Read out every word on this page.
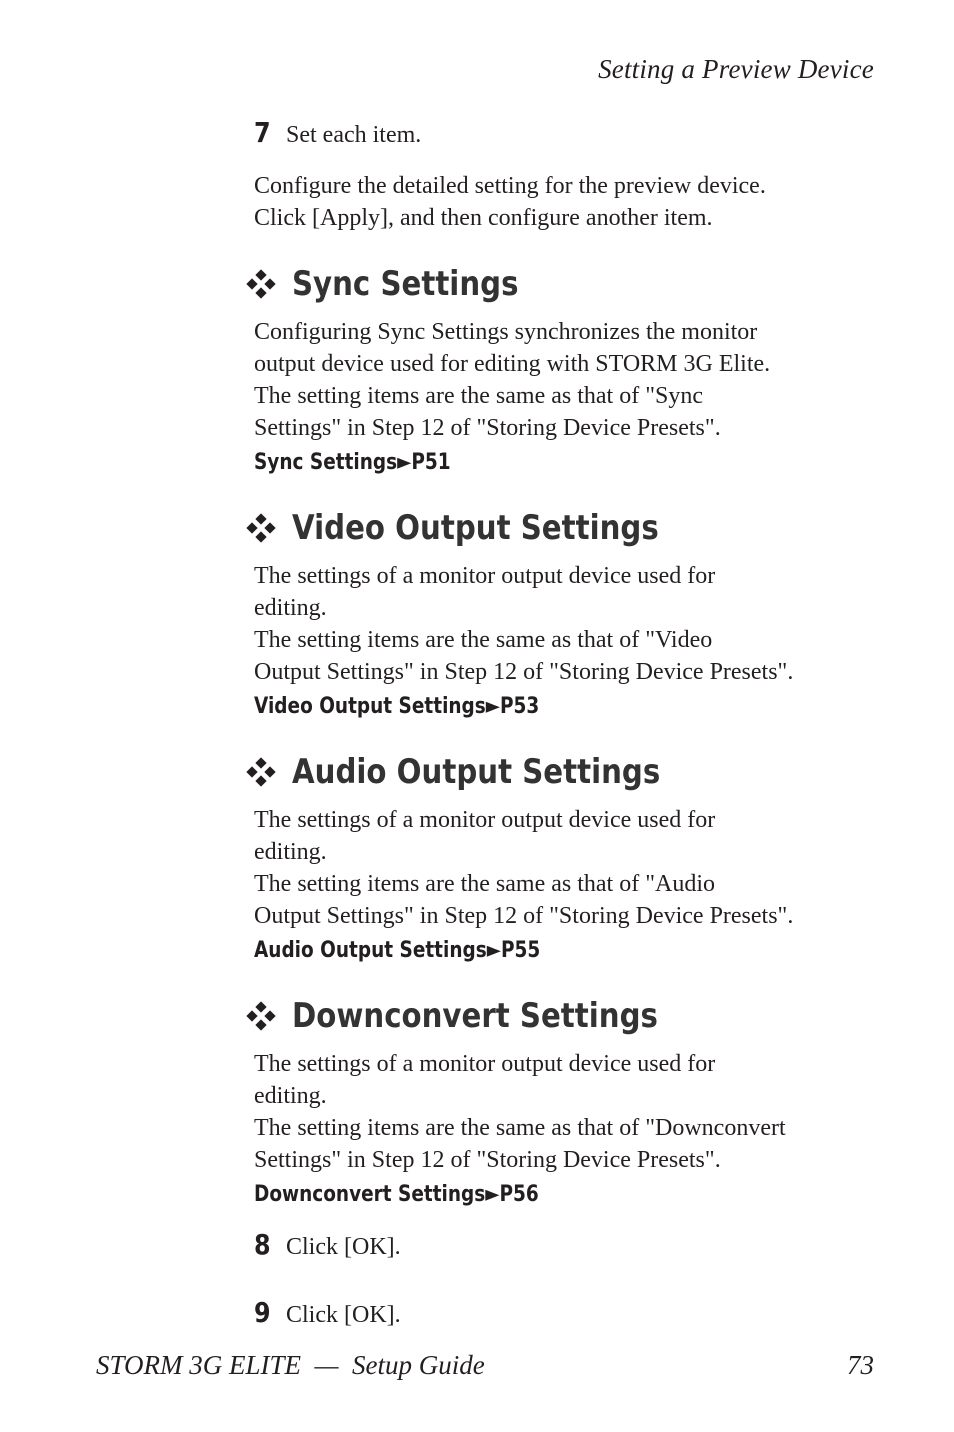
Setting a Preview Device
7 Set each item.

Configure the detailed setting for the preview device.

Click [Apply], and then configure another item.

Sync Settings

Configuring Sync Settings synchronizes the monitor

output device used for editing with STORM 3G Elite.

The setting items are the same as that of "Sync

Settings" in Step 12 of "Storing Device Presets".

Sync Settings►P51
Video Output Settings

The settings of a monitor output device used for

editing.

The setting items are the same as that of "Video

Output Settings" in Step 12 of "Storing Device Presets".

Video Output Settings►P53
Audio Output Settings

The settings of a monitor output device used for

editing.

The setting items are the same as that of "Audio

Output Settings" in Step 12 of "Storing Device Presets".

Audio Output Settings►P55
Downconvert Settings

The settings of a monitor output device used for

editing.

The setting items are the same as that of "Downconvert

Settings" in Step 12 of "Storing Device Presets".

Downconvert Settings►P56
8 Click [OK].
9 Click [OK].
STORM 3G ELITE  —  Setup Guide	73
